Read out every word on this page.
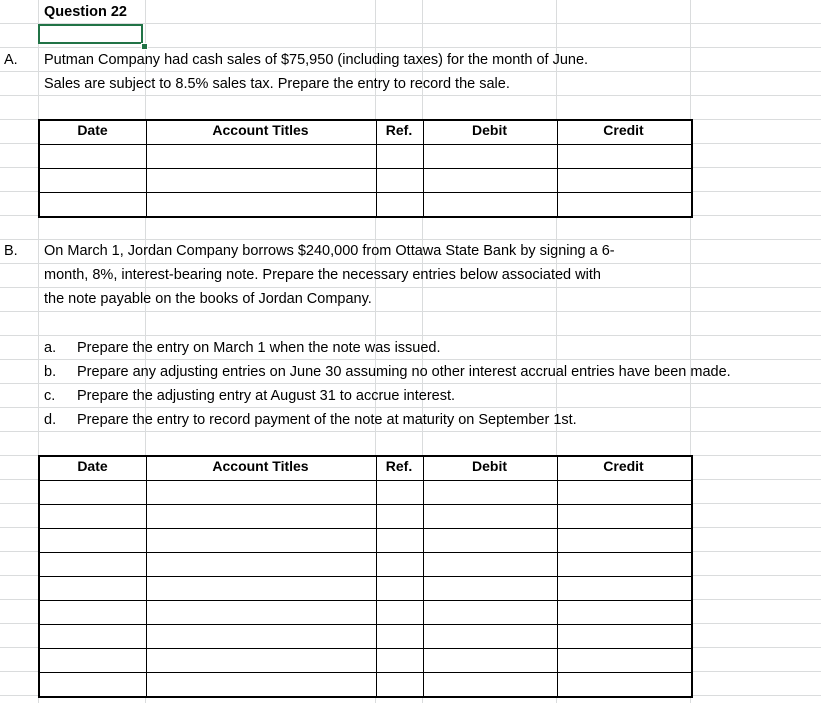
Question 22
A. Putman Company had cash sales of $75,950 (including taxes) for the month of June.
Sales are subject to 8.5% sales tax. Prepare the entry to record the sale.

Date	Account Titles	Ref.	Debit	Credit
B. On March 1, Jordan Company borrows $240,000 from Ottawa State Bank by signing a 6-
month, 8%, interest-bearing note. Prepare the necessary entries below associated with
the note payable on the books of Jordan Company.
a. Prepare the entry on March 1 when the note was issued.
b. Prepare any adjusting entries on June 30 assuming no other interest accrual entries have been made.
c. Prepare the adjusting entry at August 31 to accrue interest.
d. Prepare the entry to record payment of the note at maturity on September 1st.

Date	Account Titles	Ref.	Debit	Credit
